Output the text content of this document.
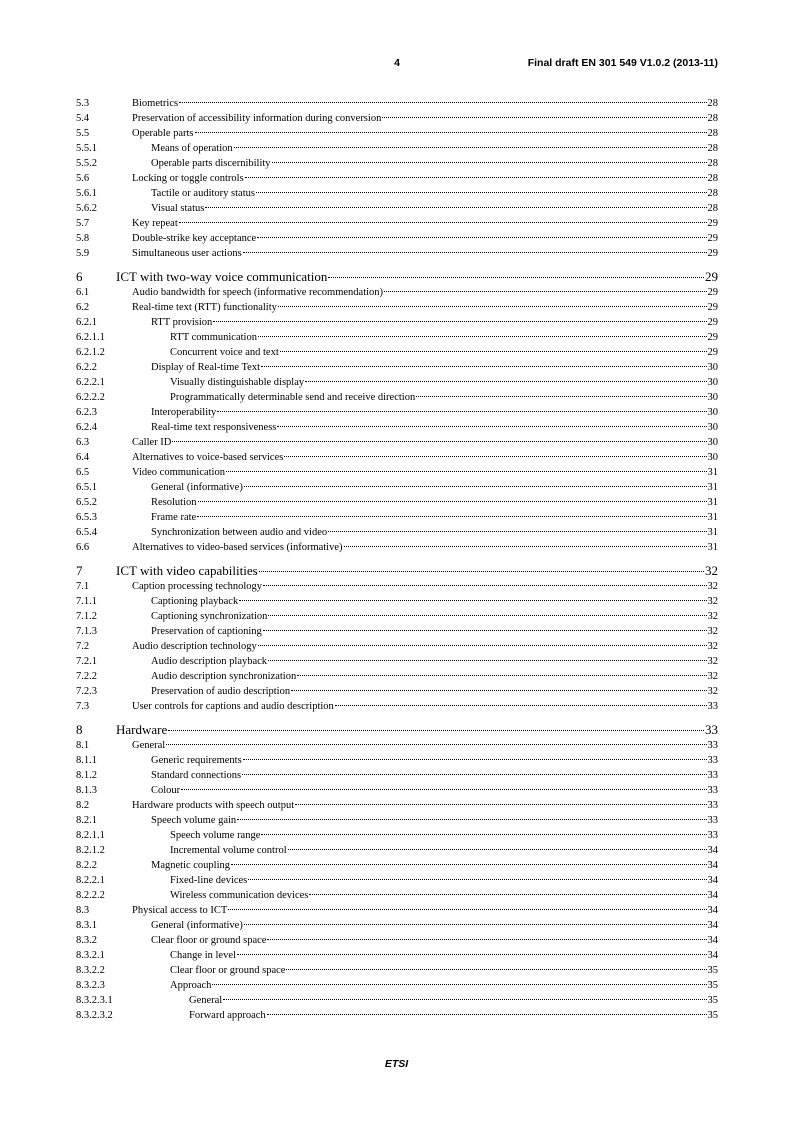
4	Final draft EN 301 549 V1.0.2 (2013-11)
5.3	Biometrics	28
5.4	Preservation of accessibility information during conversion	28
5.5	Operable parts	28
5.5.1	Means of operation	28
5.5.2	Operable parts discernibility	28
5.6	Locking or toggle controls	28
5.6.1	Tactile or auditory status	28
5.6.2	Visual status	28
5.7	Key repeat	29
5.8	Double-strike key acceptance	29
5.9	Simultaneous user actions	29
6	ICT with two-way voice communication	29
6.1	Audio bandwidth for speech (informative recommendation)	29
6.2	Real-time text (RTT) functionality	29
6.2.1	RTT provision	29
6.2.1.1	RTT communication	29
6.2.1.2	Concurrent voice and text	29
6.2.2	Display of Real-time Text	30
6.2.2.1	Visually distinguishable display	30
6.2.2.2	Programmatically determinable send and receive direction	30
6.2.3	Interoperability	30
6.2.4	Real-time text responsiveness	30
6.3	Caller ID	30
6.4	Alternatives to voice-based services	30
6.5	Video communication	31
6.5.1	General (informative)	31
6.5.2	Resolution	31
6.5.3	Frame rate	31
6.5.4	Synchronization between audio and video	31
6.6	Alternatives to video-based services (informative)	31
7	ICT with video capabilities	32
7.1	Caption processing technology	32
7.1.1	Captioning playback	32
7.1.2	Captioning synchronization	32
7.1.3	Preservation of captioning	32
7.2	Audio description technology	32
7.2.1	Audio description playback	32
7.2.2	Audio description synchronization	32
7.2.3	Preservation of audio description	32
7.3	User controls for captions and audio description	33
8	Hardware	33
8.1	General	33
8.1.1	Generic requirements	33
8.1.2	Standard connections	33
8.1.3	Colour	33
8.2	Hardware products with speech output	33
8.2.1	Speech volume gain	33
8.2.1.1	Speech volume range	33
8.2.1.2	Incremental volume control	34
8.2.2	Magnetic coupling	34
8.2.2.1	Fixed-line devices	34
8.2.2.2	Wireless communication devices	34
8.3	Physical access to ICT	34
8.3.1	General (informative)	34
8.3.2	Clear floor or ground space	34
8.3.2.1	Change in level	34
8.3.2.2	Clear floor or ground space	35
8.3.2.3	Approach	35
8.3.2.3.1	General	35
8.3.2.3.2	Forward approach	35
ETSI
